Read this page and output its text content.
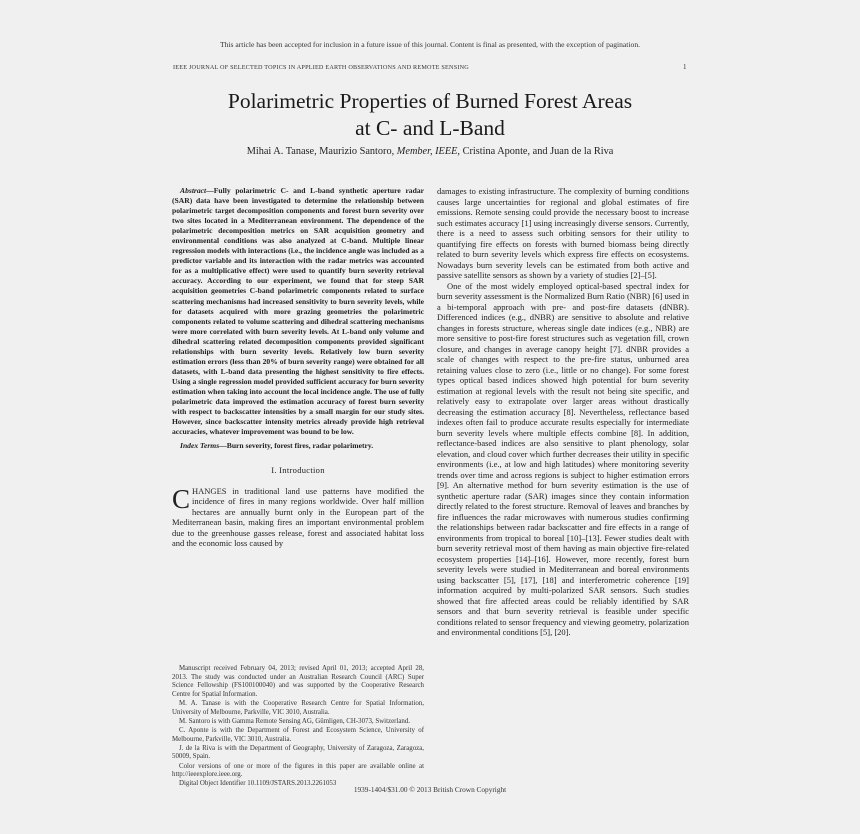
This article has been accepted for inclusion in a future issue of this journal. Content is final as presented, with the exception of pagination.
IEEE JOURNAL OF SELECTED TOPICS IN APPLIED EARTH OBSERVATIONS AND REMOTE SENSING	1
Polarimetric Properties of Burned Forest Areas
at C- and L-Band
Mihai A. Tanase, Maurizio Santoro, Member, IEEE, Cristina Aponte, and Juan de la Riva

Abstract—Fully polarimetric C- and L-band synthetic aperture radar (SAR) data have been investigated to determine the relationship between polarimetric target decomposition components and forest burn severity over two sites located in a Mediterranean environment. The dependence of the polarimetric decomposition metrics on SAR acquisition geometry and environmental conditions was also analyzed at C-band. Multiple linear regression models with interactions (i.e., the incidence angle was included as a predictor variable and its interaction with the radar metrics was accounted for as a multiplicative effect) were used to quantify burn severity retrieval accuracy. According to our experiment, we found that for steep SAR acquisition geometries C-band polarimetric components related to surface scattering mechanisms had increased sensitivity to burn severity levels, while for datasets acquired with more grazing geometries the polarimetric components related to volume scattering and dihedral scattering mechanisms were more correlated with burn severity levels. At L-band only volume and dihedral scattering related decomposition components provided significant relationships with burn severity levels. Relatively low burn severity estimation errors (less than 20% of burn severity range) were obtained for all datasets, with L-band data presenting the highest sensitivity to fire effects. Using a single regression model provided sufficient accuracy for burn severity estimation when taking into account the local incidence angle. The use of fully polarimetric data improved the estimation accuracy of forest burn severity with respect to backscatter intensities by a small margin for our study sites. However, since backscatter intensity metrics already provide high retrieval accuracies, whatever improvement was bound to be low.

Index Terms—Burn severity, forest fires, radar polarimetry.

I. Introduction

CHANGES in traditional land use patterns have modified the incidence of fires in many regions worldwide. Over half million hectares are annually burnt only in the European part of the Mediterranean basin, making fires an important environmental problem due to the greenhouse gasses release, forest and associated habitat loss and the economic loss caused by

Manuscript received February 04, 2013; revised April 01, 2013; accepted April 28, 2013. The study was conducted under an Australian Research Council (ARC) Super Science Fellowship (FS100100040) and was supported by the Cooperative Research Centre for Spatial Information.

M. A. Tanase is with the Cooperative Research Centre for Spatial Information, University of Melbourne, Parkville, VIC 3010, Australia.

M. Santoro is with Gamma Remote Sensing AG, Gümligen, CH-3073, Switzerland.

C. Aponte is with the Department of Forest and Ecosystem Science, University of Melbourne, Parkville, VIC 3010, Australia.

J. de la Riva is with the Department of Geography, University of Zaragoza, Zaragoza, 50009, Spain.

Color versions of one or more of the figures in this paper are available online at http://ieeexplore.ieee.org.

Digital Object Identifier 10.1109/JSTARS.2013.2261053

damages to existing infrastructure. The complexity of burning conditions causes large uncertainties for regional and global estimates of fire emissions. Remote sensing could provide the necessary boost to increase such estimates accuracy [1] using increasingly diverse sensors. Currently, there is a need to assess such orbiting sensors for their utility to quantifying fire effects on forests with burned biomass being directly related to burn severity levels which express fire effects on ecosystems. Nowadays burn severity levels can be estimated from both active and passive satellite sensors as shown by a variety of studies [2]–[5].

One of the most widely employed optical-based spectral index for burn severity assessment is the Normalized Burn Ratio (NBR) [6] used in a bi-temporal approach with pre- and post-fire datasets (dNBR). Differenced indices (e.g., dNBR) are sensitive to absolute and relative changes in forests structure, whereas single date indices (e.g., NBR) are more sensitive to post-fire forest structures such as vegetation fill, crown closure, and changes in average canopy height [7]. dNBR provides a scale of changes with respect to the pre-fire status, unburned area retaining values close to zero (i.e., little or no change). For some forest types optical based indices showed high potential for burn severity estimation at regional levels with the result not being site specific, and relatively easy to extrapolate over larger areas without drastically decreasing the estimation accuracy [8]. Nevertheless, reflectance based indexes often fail to produce accurate results especially for intermediate burn severity levels where multiple effects combine [8]. In addition, reflectance-based indices are also sensitive to plant phenology, solar elevation, and cloud cover which further decreases their utility in specific environments (i.e., at low and high latitudes) where monitoring severity trends over time and across regions is subject to higher estimation errors [9]. An alternative method for burn severity estimation is the use of synthetic aperture radar (SAR) images since they contain information directly related to the forest structure. Removal of leaves and branches by fire influences the radar microwaves with numerous studies confirming the relationships between radar backscatter and fire effects in a range of environments from tropical to boreal [10]–[13]. Fewer studies dealt with burn severity retrieval most of them having as main objective fire-related ecosystem properties [14]–[16]. However, more recently, forest burn severity levels were studied in Mediterranean and boreal environments using backscatter [5], [17], [18] and interferometric coherence [19] information acquired by multi-polarized SAR sensors. Such studies showed that fire affected areas could be reliably identified by SAR sensors and that burn severity retrieval is feasible under specific conditions related to sensor frequency and viewing geometry, polarization and environmental conditions [5], [20].

1939-1404/$31.00 © 2013 British Crown Copyright
